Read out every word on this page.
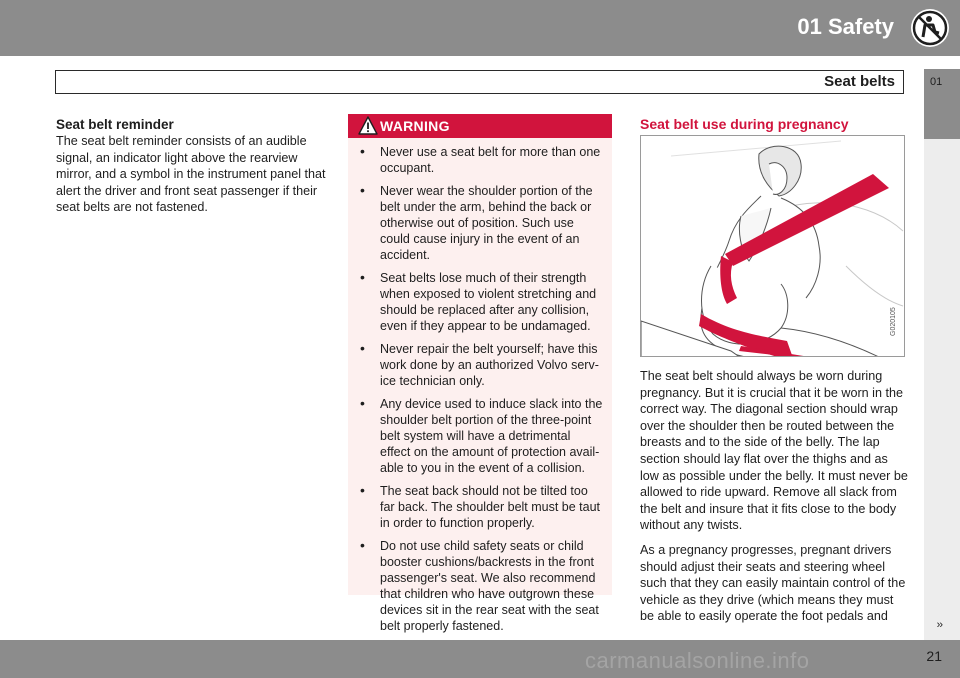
01 Safety
01
Seat belts
Seat belt reminder

The seat belt reminder consists of an audible signal, an indicator light above the rearview mirror, and a symbol in the instrument panel that alert the driver and front seat passenger if their seat belts are not fastened.

WARNING
• Never use a seat belt for more than one occupant.
• Never wear the shoulder portion of the belt under the arm, behind the back or otherwise out of position. Such use could cause injury in the event of an accident.
• Seat belts lose much of their strength when exposed to violent stretching and should be replaced after any collision, even if they appear to be undamaged.
• Never repair the belt yourself; have this work done by an authorized Volvo serv-ice technician only.
• Any device used to induce slack into the shoulder belt portion of the three-point belt system will have a detrimental effect on the amount of protection avail-able to you in the event of a collision.
• The seat back should not be tilted too far back. The shoulder belt must be taut in order to function properly.
• Do not use child safety seats or child booster cushions/backrests in the front passenger's seat. We also recommend that children who have outgrown these devices sit in the rear seat with the seat belt properly fastened.
Seat belt use during pregnancy
G020105

The seat belt should always be worn during pregnancy. But it is crucial that it be worn in the correct way. The diagonal section should wrap over the shoulder then be routed between the breasts and to the side of the belly. The lap section should lay flat over the thighs and as low as possible under the belly. It must never be allowed to ride upward. Remove all slack from the belt and insure that it fits close to the body without any twists.

As a pregnancy progresses, pregnant drivers should adjust their seats and steering wheel such that they can easily maintain control of the vehicle as they drive (which means they must be able to easily operate the foot pedals and

carmanualsonline.info
››
21
